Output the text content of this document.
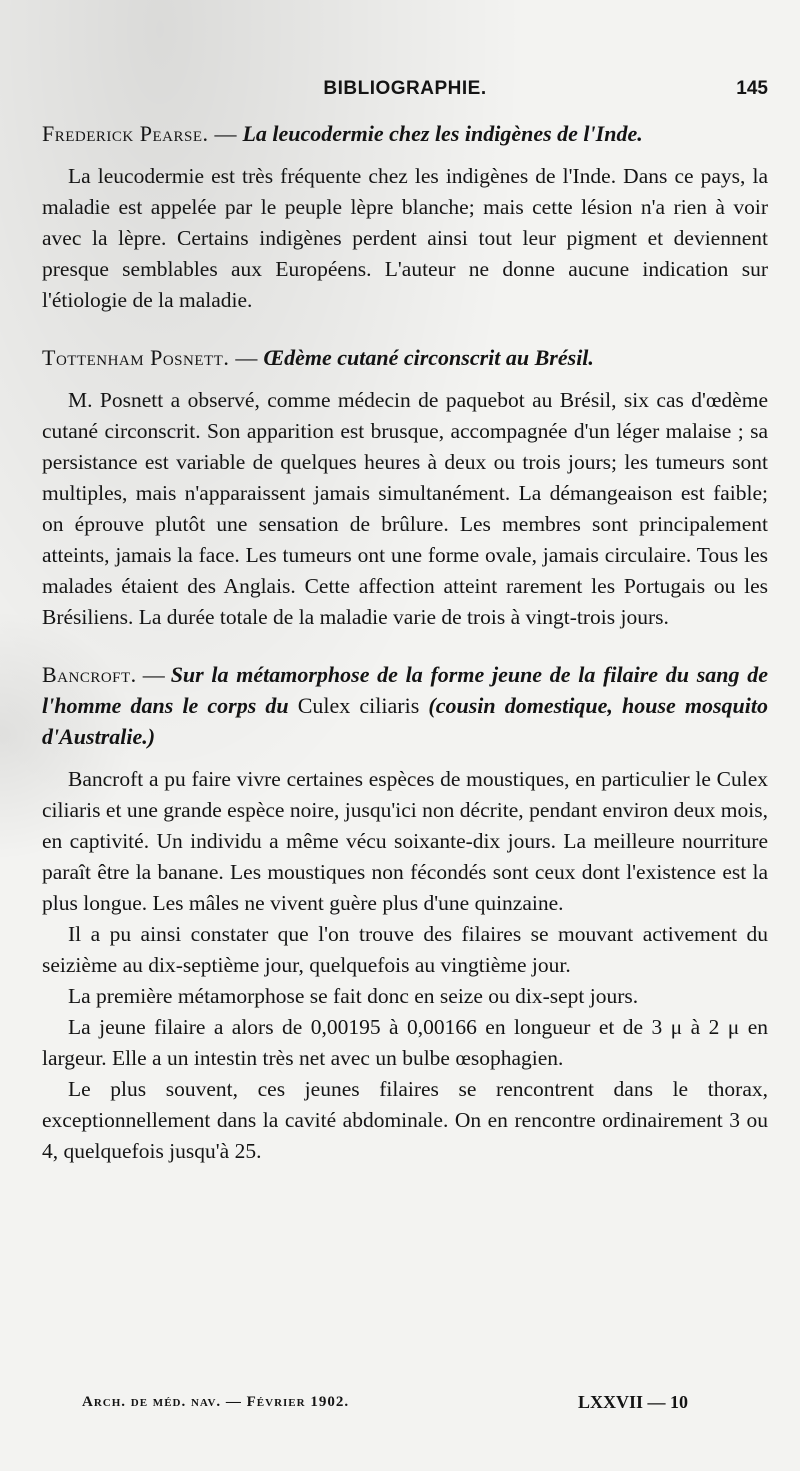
BIBLIOGRAPHIE.	145

Frederick Pearse. — La leucodermie chez les indigènes de l'Inde.

La leucodermie est très fréquente chez les indigènes de l'Inde. Dans ce pays, la maladie est appelée par le peuple lèpre blanche; mais cette lésion n'a rien à voir avec la lèpre. Certains indigènes perdent ainsi tout leur pigment et deviennent presque semblables aux Européens. L'auteur ne donne aucune indication sur l'étiologie de la maladie.

Tottenham Posnett. — Œdème cutané circonscrit au Brésil.

M. Posnett a observé, comme médecin de paquebot au Brésil, six cas d'œdème cutané circonscrit. Son apparition est brusque, accompagnée d'un léger malaise ; sa persistance est variable de quelques heures à deux ou trois jours; les tumeurs sont multiples, mais n'apparaissent jamais simultanément. La démangeaison est faible; on éprouve plutôt une sensation de brûlure. Les membres sont principalement atteints, jamais la face. Les tumeurs ont une forme ovale, jamais circulaire. Tous les malades étaient des Anglais. Cette affection atteint rarement les Portugais ou les Brésiliens. La durée totale de la maladie varie de trois à vingt-trois jours.

Bancroft. — Sur la métamorphose de la forme jeune de la filaire du sang de l'homme dans le corps du Culex ciliaris (cousin domestique, house mosquito d'Australie.)

Bancroft a pu faire vivre certaines espèces de moustiques, en particulier le Culex ciliaris et une grande espèce noire, jusqu'ici non décrite, pendant environ deux mois, en captivité. Un individu a même vécu soixante-dix jours. La meilleure nourriture paraît être la banane. Les moustiques non fécondés sont ceux dont l'existence est la plus longue. Les mâles ne vivent guère plus d'une quinzaine.

Il a pu ainsi constater que l'on trouve des filaires se mouvant activement du seizième au dix-septième jour, quelquefois au vingtième jour.

La première métamorphose se fait donc en seize ou dix-sept jours.

La jeune filaire a alors de 0,00195 à 0,00166 en longueur et de 3 μ à 2 μ en largeur. Elle a un intestin très net avec un bulbe œsophagien.

Le plus souvent, ces jeunes filaires se rencontrent dans le thorax, exceptionnellement dans la cavité abdominale. On en rencontre ordinairement 3 ou 4, quelquefois jusqu'à 25.

Arch. de méd. nav. — Février 1902.	LXXVII — 10
